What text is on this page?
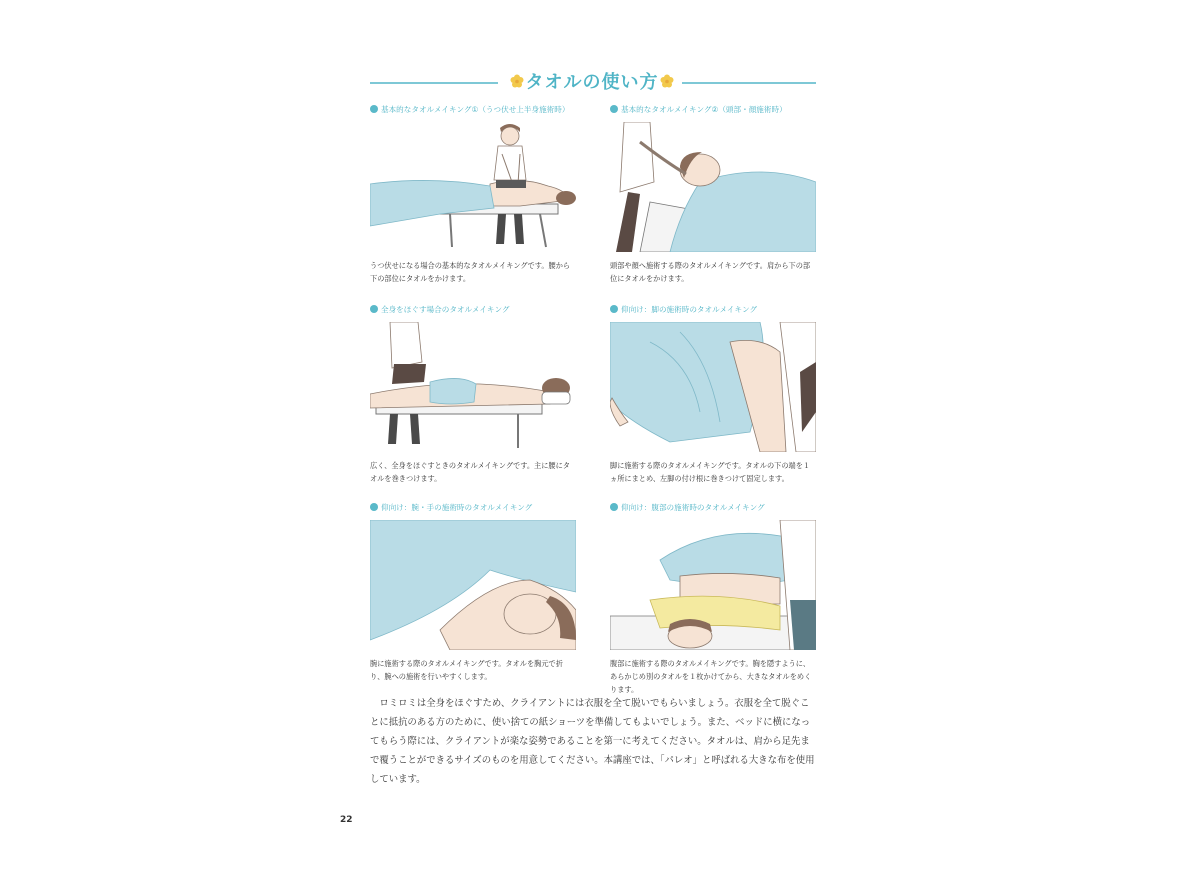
タオルの使い方
基本的なタオルメイキング①（うつ伏せ上半身施術時）
うつ伏せになる場合の基本的なタオルメイキングです。腰から下の部位にタオルをかけます。
基本的なタオルメイキング②（頭部・顔施術時）
頭部や顔へ施術する際のタオルメイキングです。肩から下の部位にタオルをかけます。
全身をほぐす場合のタオルメイキング
広く、全身をほぐすときのタオルメイキングです。主に腰にタオルを巻きつけます。
仰向け：脚の施術時のタオルメイキング
脚に施術する際のタオルメイキングです。タオルの下の端を１ヵ所にまとめ、左脚の付け根に巻きつけて固定します。
仰向け：腕・手の施術時のタオルメイキング
腕に施術する際のタオルメイキングです。タオルを胸元で折り、腕への施術を行いやすくします。
仰向け：腹部の施術時のタオルメイキング
腹部に施術する際のタオルメイキングです。胸を隠すように、あらかじめ別のタオルを１枚かけてから、大きなタオルをめくります。
ロミロミは全身をほぐすため、クライアントには衣服を全て脱いでもらいましょう。衣服を全て脱ぐことに抵抗のある方のために、使い捨ての紙ショーツを準備してもよいでしょう。また、ベッドに横になってもらう際には、クライアントが楽な姿勢であることを第一に考えてください。タオルは、肩から足先まで覆うことができるサイズのものを用意してください。本講座では、「パレオ」と呼ばれる大きな布を使用しています。
22
